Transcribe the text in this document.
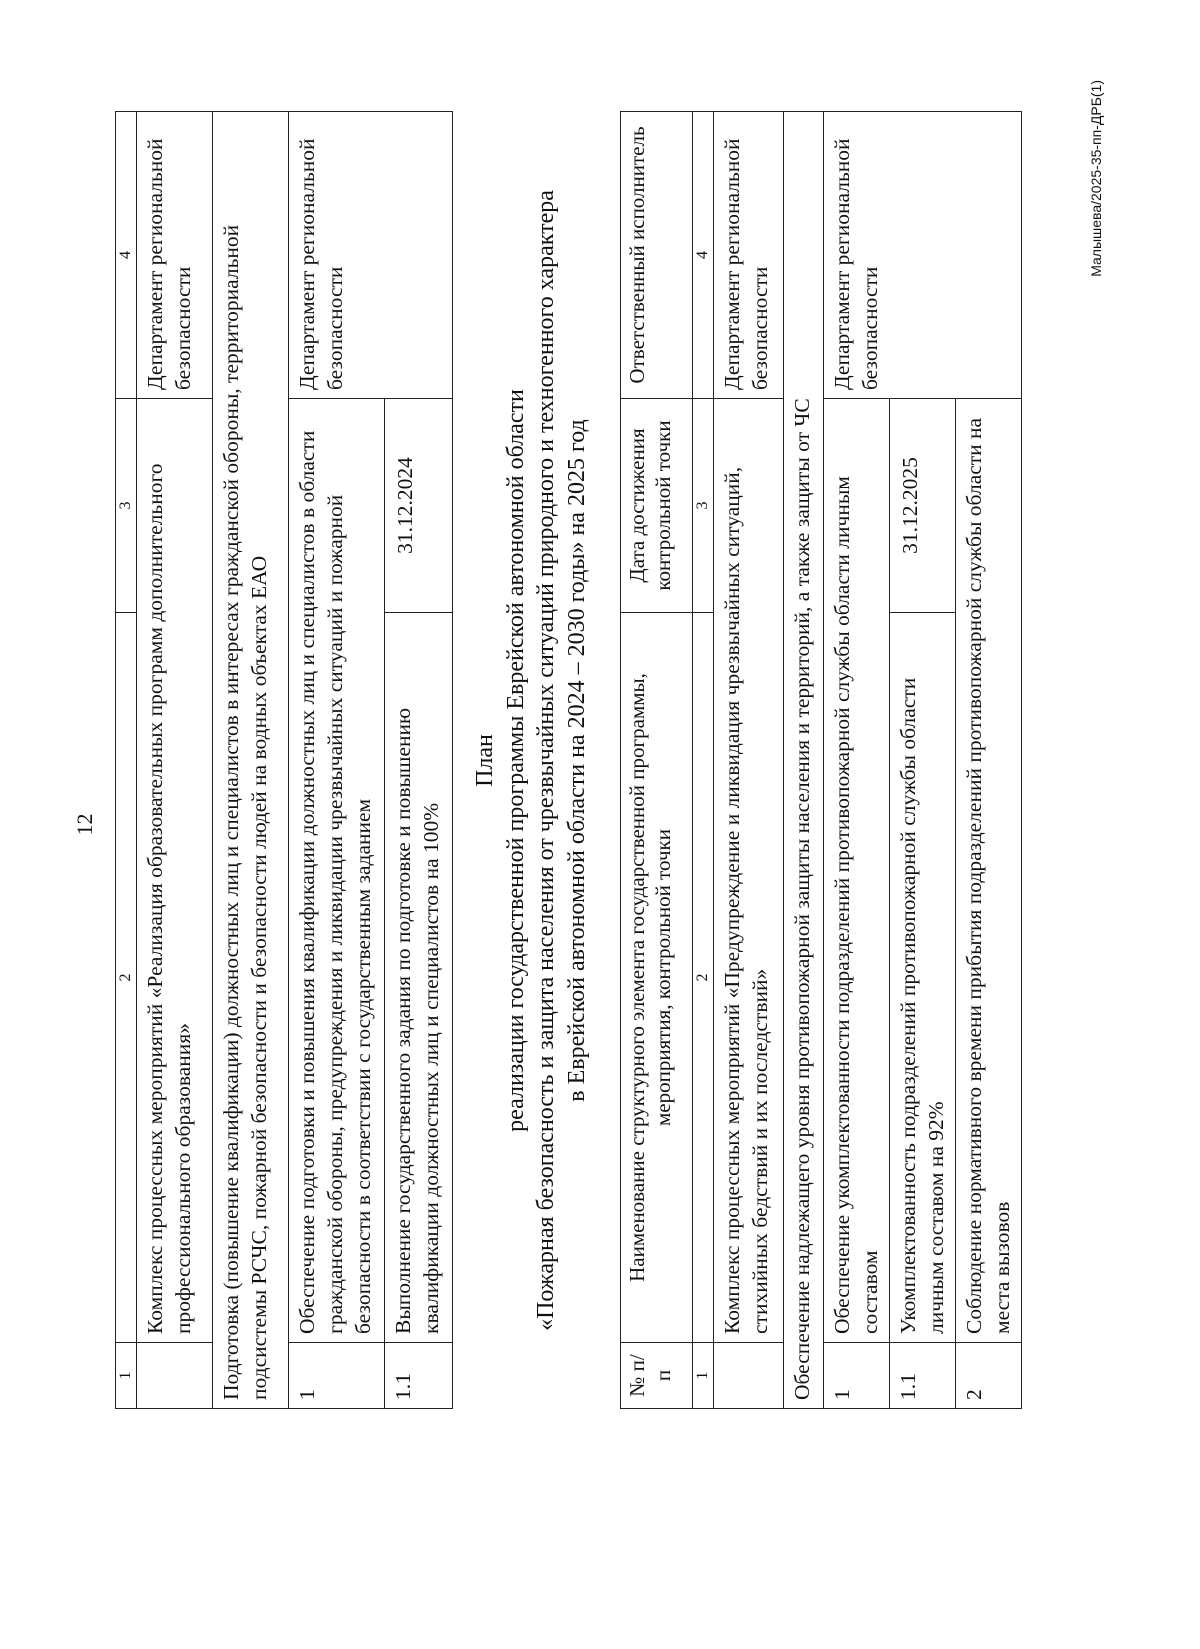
12
1	2	3	4
	Комплекс процессных мероприятий «Реализация образовательных программ дополнительного профессионального образования»		Департамент региональной безопасности
Подготовка (повышение квалификации) должностных лиц и специалистов в интересах гражданской обороны, территориальной подсистемы РСЧС, пожарной безопасности и безопасности людей на водных объектах ЕАО			
1	Обеспечение подготовки и повышения квалификации должностных лиц и специалистов в области гражданской обороны, предупреждения и ликвидации чрезвычайных ситуаций и пожарной безопасности в соответствии с государственным заданием		Департамент региональной безопасности
1.1	Выполнение государственного задания по подготовке и повышению квалификации должностных лиц и специалистов на 100%	31.12.2024	
План реализации государственной программы Еврейской автономной области «Пожарная безопасность и защита населения от чрезвычайных ситуаций природного и техногенного характера в Еврейской автономной области на 2024 – 2030 годы» на 2025 год
№ п/п	Наименование структурного элемента государственной программы, мероприятия, контрольной точки	Дата достижения контрольной точки	Ответственный исполнитель
1	2	3	4
	Комплекс процессных мероприятий «Предупреждение и ликвидация чрезвычайных ситуаций, стихийных бедствий и их последствий»		Департамент региональной безопасности
Обеспечение надлежащего уровня противопожарной защиты населения и территорий, а также защиты от ЧС			
1	Обеспечение укомплектованности подразделений противопожарной службы области личным составом		Департамент региональной безопасности
1.1	Укомплектованность подразделений противопожарной службы области личным составом на 92%	31.12.2025	
2	Соблюдение нормативного времени прибытия подразделений противопожарной службы области на места вызовов		
Малышева/2025-35-пп-ДРБ(1)
